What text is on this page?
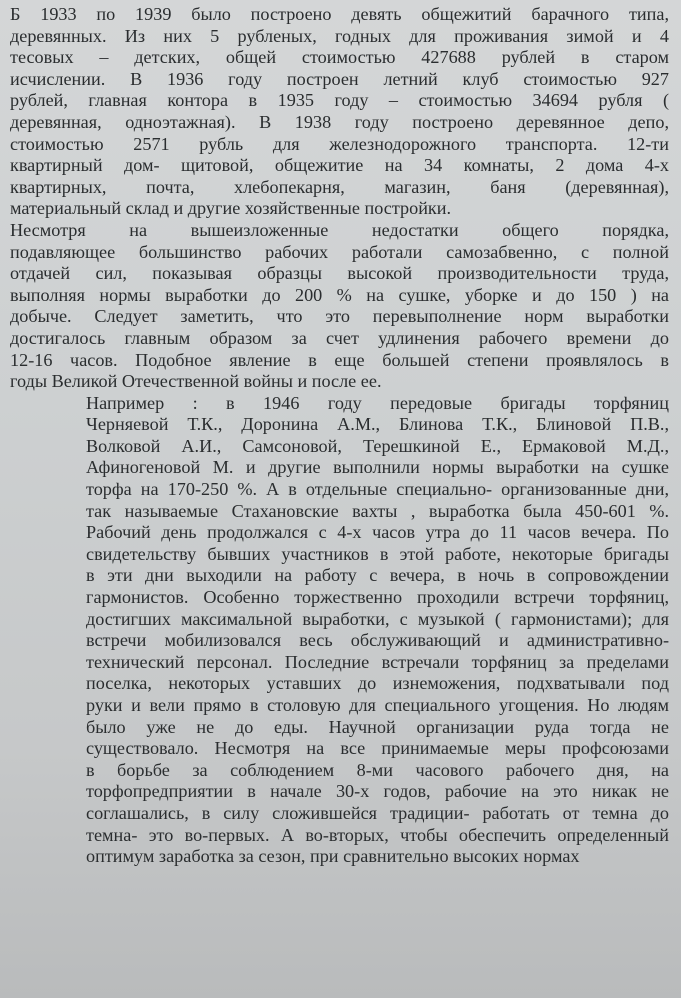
Б 1933 по 1939 было построено девять общежитий барачного типа,
деревянных. Из них 5 рубленых, годных для проживания зимой и 4
тесовых – детских, общей стоимостью 427688 рублей в старом
исчислении. В 1936 году построен летний клуб стоимостью 927
рублей, главная контора в 1935 году – стоимостью 34694 рубля (
деревянная, одноэтажная). В 1938 году построено деревянное депо,
стоимостью 2571 рубль для железнодорожного транспорта. 12-ти
квартирный дом- щитовой, общежитие на 34 комнаты, 2 дома 4-х
квартирных, почта, хлебопекарня, магазин, баня (деревянная),
материальный склад и другие хозяйственные постройки.
Несмотря на вышеизложенные недостатки общего порядка,
подавляющее большинство рабочих работали самозабвенно, с полной
отдачей сил, показывая образцы высокой производительности труда,
выполняя нормы выработки до 200 % на сушке, уборке и до 150 ) на
добыче. Следует заметить, что это перевыполнение норм выработки
достигалось главным образом за счет удлинения рабочего времени до
12-16 часов. Подобное явление в еще большей степени проявлялось в
годы Великой Отечественной войны и после ее.
Например : в 1946 году передовые бригады торфяниц
Черняевой Т.К., Доронина А.М., Блинова Т.К., Блиновой П.В.,
Волковой А.И., Самсоновой, Терешкиной Е., Ермаковой М.Д.,
Афиногеновой М. и другие выполнили нормы выработки на сушке
торфа на 170-250 %. А в отдельные специально- организованные дни,
так называемые Стахановские вахты , выработка была 450-601 %.
Рабочий день продолжался с 4-х часов утра до 11 часов вечера. По
свидетельству бывших участников в этой работе, некоторые бригады
в эти дни выходили на работу с вечера, в ночь в сопровождении
гармонистов. Особенно торжественно проходили встречи торфяниц,
достигших максимальной выработки, с музыкой ( гармонистами); для
встречи мобилизовался весь обслуживающий и административно-
технический персонал. Последние встречали торфяниц за пределами
поселка, некоторых уставших до изнеможения, подхватывали под
руки и вели прямо в столовую для специального угощения. Но людям
было уже не до еды. Научной организации руда тогда не
существовало. Несмотря на все принимаемые меры профсоюзами
в борьбе за соблюдением 8-ми часового рабочего дня, на
торфопредприятии в начале 30-х годов, рабочие на это никак не
соглашались, в силу сложившейся традиции- работать от темна до
темна- это во-первых. А во-вторых, чтобы обеспечить определенный
оптимум заработка за сезон, при сравнительно высоких нормах
